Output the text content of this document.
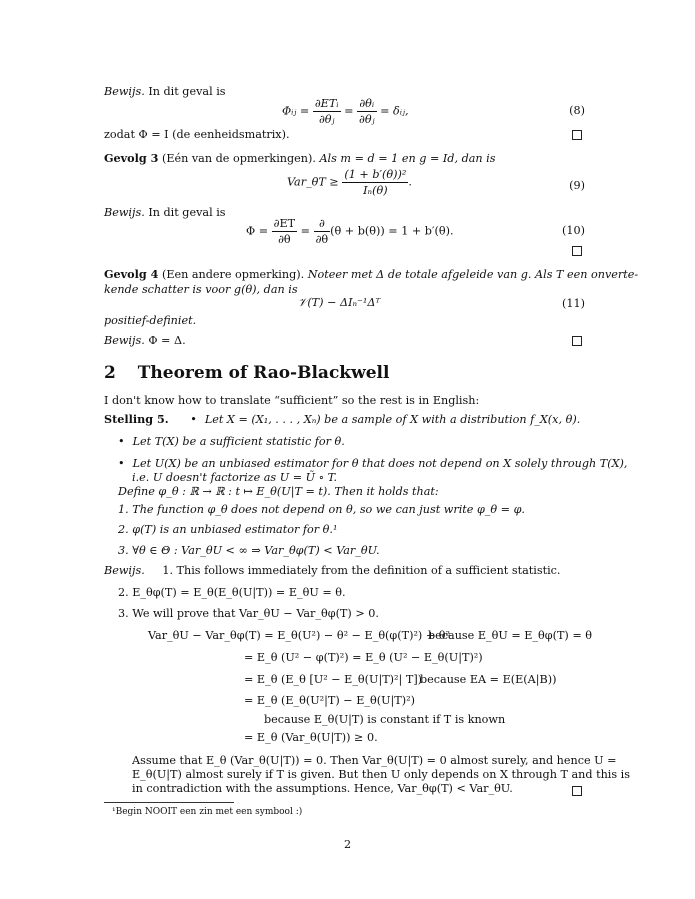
Bewijs. In dit geval is
Φᵢⱼ = $\frac{\text{∂ETᵢ}}{\text{∂θⱼ}} = \frac{\text{∂θᵢ}}{\text{∂θⱼ}}$ = δᵢⱼ,	(8)
zodat Φ = I (de eenheidsmatrix).
Gevolg 3 (Eén van de opmerkingen). Als m = d = 1 en g = Id, dan is
Var_θT ≥ $\frac{\text{(1 + b′(θ))²}}{\text{Iₙ(θ)}}$ .	(9)
Bewijs. In dit geval is
$\Phi = \frac{\partial ET}{\partial\theta} = \frac{\partial}{\partial\theta} (\theta + b(\theta)) = 1 + b'(\theta)$.	(10)
Gevolg 4 (Een andere opmerking). Noteer met Δ de totale afgeleide van g. Als T een onverte-
kende schatter is voor g(θ), dan is
𝒱(T) − ΔIₙ⁻¹Δᵀ	(11)
positief-definiet.
Bewijs. Φ = Δ.
2 Theorem of Rao-Blackwell
I don't know how to translate “sufficient” so the rest is in English:
Stelling 5. •	Let X = (X₁, . . . , Xₙ) be a sample of X with a distribution f_X(x, θ).
• Let T(X) be a sufficient statistic for θ.
• Let U(X) be an unbiased estimator for θ that does not depend on X solely through T(X),
i.e. U doesn't factorize as U = Ũ ∘ T.
Define φ_θ : ℝ → ℝ : t ↦ E_θ(U|T = t). Then it holds that:
1. The function φ_θ does not depend on θ, so we can just write φ_θ = φ.
2. φ(T) is an unbiased estimator for θ.¹
3. ∀θ ∈ Θ : Var_θU < ∞ ⇒ Var_θφ(T) < Var_θU.
Bewijs. 1. This follows immediately from the definition of a sufficient statistic.
2. E_θφ(T) = E_θ(E_θ(U|T)) = E_θU = θ.
3. We will prove that Var_θU − Var_θφ(T) > 0.
Var_θU − Var_θφ(T) = E_θ(U²) − θ² − E_θ(φ(T)²) + θ²
because E_θU = E_θφ(T) = θ
= E_θ (U² − φ(T)²) = E_θ (U² − E_θ(U|T)²)
= E_θ (E_θ [U² − E_θ(U|T)²| T])
because EA = E(E(A|B))
= E_θ (E_θ(U²|T) − E_θ(U|T)²)
because E_θ(U|T) is constant if T is known
= E_θ (Var_θ(U|T)) ≥ 0.
Assume that E_θ (Var_θ(U|T)) = 0. Then Var_θ(U|T) = 0 almost surely, and hence U =
E_θ(U|T) almost surely if T is given. But then U only depends on X through T and this is
in contradiction with the assumptions. Hence, Var_θφ(T) < Var_θU.
¹Begin NOOIT een zin met een symbool :)
2
